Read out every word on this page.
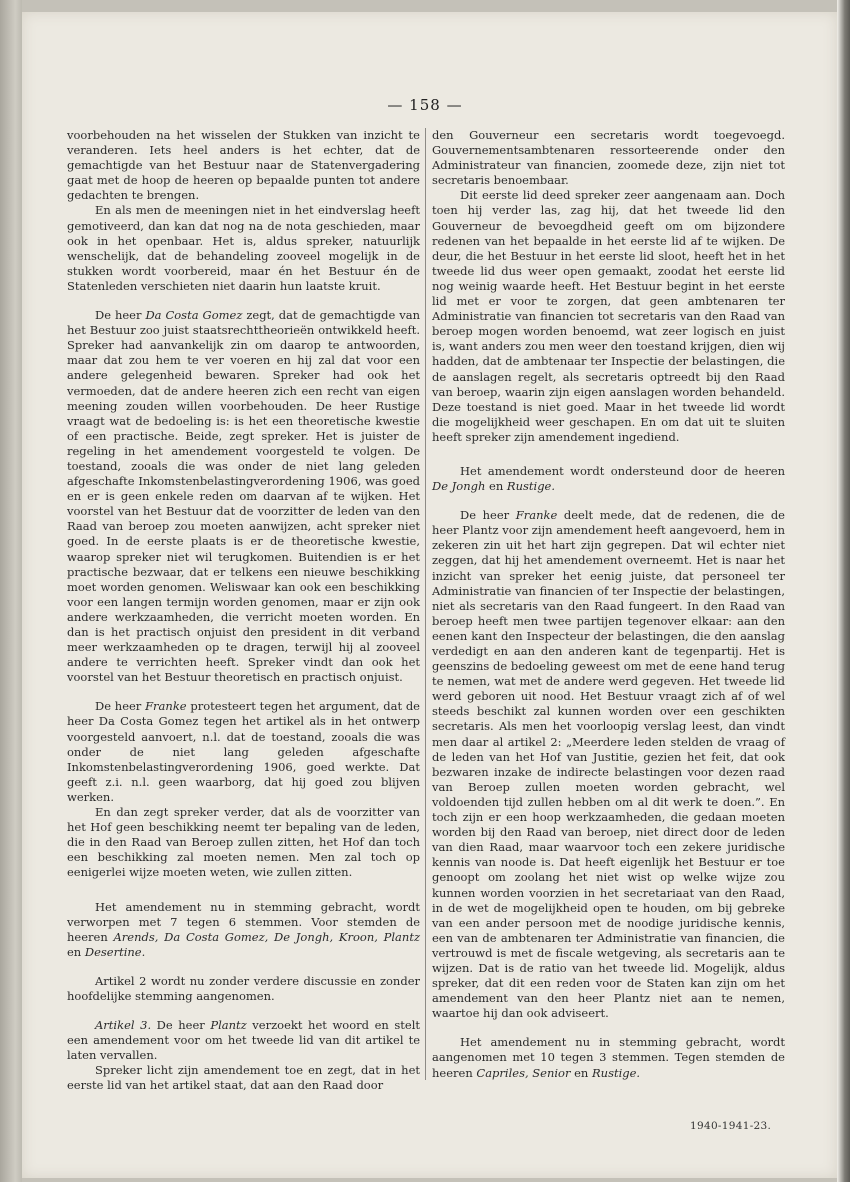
— 158 —

voorbehouden na het wisselen der Stukken van inzicht te veranderen. Iets heel anders is het echter, dat de gemachtigde van het Bestuur naar de Statenvergadering gaat met de hoop de heeren op bepaalde punten tot andere gedachten te brengen.

En als men de meeningen niet in het eindverslag heeft gemotiveerd, dan kan dat nog na de nota geschieden, maar ook in het openbaar. Het is, aldus spreker, natuurlijk wenschelijk, dat de behandeling zooveel mogelijk in de stukken wordt voorbereid, maar én het Bestuur én de Statenleden verschieten niet daarin hun laatste kruit.

De heer Da Costa Gomez zegt, dat de gemachtigde van het Bestuur zoo juist staatsrechttheorieën ontwikkeld heeft. Spreker had aanvankelijk zin om daarop te antwoorden, maar dat zou hem te ver voeren en hij zal dat voor een andere gelegenheid bewaren. Spreker had ook het vermoeden, dat de andere heeren zich een recht van eigen meening zouden willen voorbehouden. De heer Rustige vraagt wat de bedoeling is: is het een theoretische kwestie of een practische. Beide, zegt spreker. Het is juister de regeling in het amendement voorgesteld te volgen. De toestand, zooals die was onder de niet lang geleden afgeschafte Inkomstenbelastingverordening 1906, was goed en er is geen enkele reden om daarvan af te wijken. Het voorstel van het Bestuur dat de voorzitter de leden van den Raad van beroep zou moeten aanwijzen, acht spreker niet goed. In de eerste plaats is er de theoretische kwestie, waarop spreker niet wil terugkomen. Buitendien is er het practische bezwaar, dat er telkens een nieuwe beschikking moet worden genomen. Weliswaar kan ook een beschikking voor een langen termijn worden genomen, maar er zijn ook andere werkzaamheden, die verricht moeten worden. En dan is het practisch onjuist den president in dit verband meer werkzaamheden op te dragen, terwijl hij al zooveel andere te verrichten heeft. Spreker vindt dan ook het voorstel van het Bestuur theoretisch en practisch onjuist.

De heer Franke protesteert tegen het argument, dat de heer Da Costa Gomez tegen het artikel als in het ontwerp voorgesteld aanvoert, n.l. dat de toestand, zooals die was onder de niet lang geleden afgeschafte Inkomstenbelastingverordening 1906, goed werkte. Dat geeft z.i. n.l. geen waarborg, dat hij goed zou blijven werken.

En dan zegt spreker verder, dat als de voorzitter van het Hof geen beschikking neemt ter bepaling van de leden, die in den Raad van Beroep zullen zitten, het Hof dan toch een beschikking zal moeten nemen. Men zal toch op eenigerlei wijze moeten weten, wie zullen zitten.

Het amendement nu in stemming gebracht, wordt verworpen met 7 tegen 6 stemmen. Voor stemden de heeren Arends, Da Costa Gomez, De Jongh, Kroon, Plantz en Desertine.

Artikel 2 wordt nu zonder verdere discussie en zonder hoofdelijke stemming aangenomen.

Artikel 3. De heer Plantz verzoekt het woord en stelt een amendement voor om het tweede lid van dit artikel te laten vervallen.

Spreker licht zijn amendement toe en zegt, dat in het eerste lid van het artikel staat, dat aan den Raad door

den Gouverneur een secretaris wordt toegevoegd. Gouvernementsambtenaren ressorteerende onder den Administrateur van financien, zoomede deze, zijn niet tot secretaris benoembaar.

Dit eerste lid deed spreker zeer aangenaam aan. Doch toen hij verder las, zag hij, dat het tweede lid den Gouverneur de bevoegdheid geeft om om bijzondere redenen van het bepaalde in het eerste lid af te wijken. De deur, die het Bestuur in het eerste lid sloot, heeft het in het tweede lid dus weer open gemaakt, zoodat het eerste lid nog weinig waarde heeft. Het Bestuur begint in het eerste lid met er voor te zorgen, dat geen ambtenaren ter Administratie van financien tot secretaris van den Raad van beroep mogen worden benoemd, wat zeer logisch en juist is, want anders zou men weer den toestand krijgen, dien wij hadden, dat de ambtenaar ter Inspectie der belastingen, die de aanslagen regelt, als secretaris optreedt bij den Raad van beroep, waarin zijn eigen aanslagen worden behandeld. Deze toestand is niet goed. Maar in het tweede lid wordt die mogelijkheid weer geschapen. En om dat uit te sluiten heeft spreker zijn amendement ingediend.

Het amendement wordt ondersteund door de heeren De Jongh en Rustige.

De heer Franke deelt mede, dat de redenen, die de heer Plantz voor zijn amendement heeft aangevoerd, hem in zekeren zin uit het hart zijn gegrepen. Dat wil echter niet zeggen, dat hij het amendement overneemt. Het is naar het inzicht van spreker het eenig juiste, dat personeel ter Administratie van financien of ter Inspectie der belastingen, niet als secretaris van den Raad fungeert. In den Raad van beroep heeft men twee partijen tegenover elkaar: aan den eenen kant den Inspecteur der belastingen, die den aanslag verdedigt en aan den anderen kant de tegenpartij. Het is geenszins de bedoeling geweest om met de eene hand terug te nemen, wat met de andere werd gegeven. Het tweede lid werd geboren uit nood. Het Bestuur vraagt zich af of wel steeds beschikt zal kunnen worden over een geschikten secretaris. Als men het voorloopig verslag leest, dan vindt men daar al artikel 2: „Meerdere leden stelden de vraag of de leden van het Hof van Justitie, gezien het feit, dat ook bezwaren inzake de indirecte belastingen voor dezen raad van Beroep zullen moeten worden gebracht, wel voldoenden tijd zullen hebben om al dit werk te doen.”. En toch zijn er een hoop werkzaamheden, die gedaan moeten worden bij den Raad van beroep, niet direct door de leden van dien Raad, maar waarvoor toch een zekere juridische kennis van noode is. Dat heeft eigenlijk het Bestuur er toe genoopt om zoolang het niet wist op welke wijze zou kunnen worden voorzien in het secretariaat van den Raad, in de wet de mogelijkheid open te houden, om bij gebreke van een ander persoon met de noodige juridische kennis, een van de ambtenaren ter Administratie van financien, die vertrouwd is met de fiscale wetgeving, als secretaris aan te wijzen. Dat is de ratio van het tweede lid. Mogelijk, aldus spreker, dat dit een reden voor de Staten kan zijn om het amendement van den heer Plantz niet aan te nemen, waartoe hij dan ook adviseert.

Het amendement nu in stemming gebracht, wordt aangenomen met 10 tegen 3 stemmen. Tegen stemden de heeren Capriles, Senior en Rustige.

1940-1941-23.
